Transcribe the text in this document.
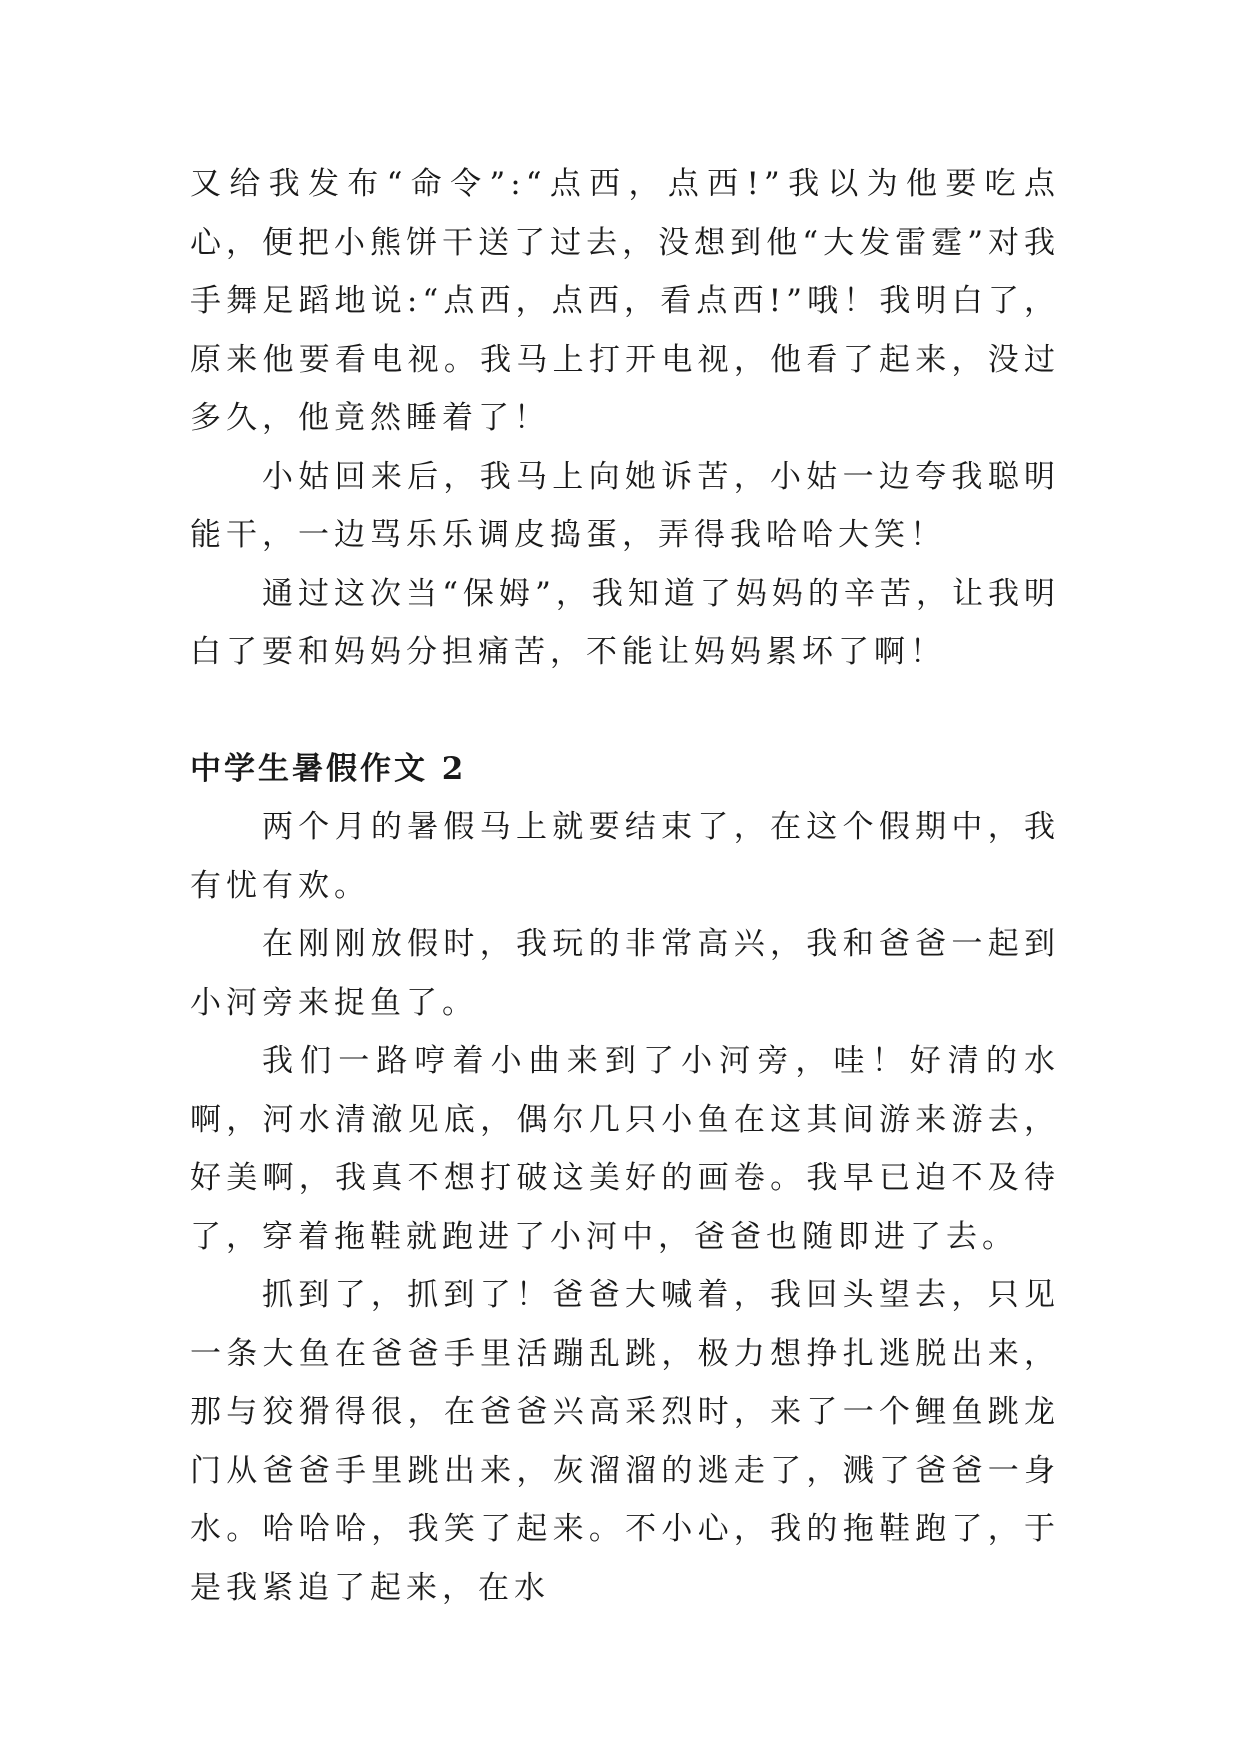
又给我发布“命令”:“点西，点西!”我以为他要吃点心，便把小熊饼干送了过去，没想到他“大发雷霆”对我手舞足蹈地说:“点西，点西，看点西!”哦！我明白了，原来他要看电视。我马上打开电视，他看了起来，没过多久，他竟然睡着了！

小姑回来后，我马上向她诉苦，小姑一边夸我聪明能干，一边骂乐乐调皮捣蛋，弄得我哈哈大笑！

通过这次当“保姆”，我知道了妈妈的辛苦，让我明白了要和妈妈分担痛苦，不能让妈妈累坏了啊！

中学生暑假作文 2

两个月的暑假马上就要结束了，在这个假期中，我有忧有欢。

在刚刚放假时，我玩的非常高兴，我和爸爸一起到小河旁来捉鱼了。

我们一路哼着小曲来到了小河旁，哇！好清的水啊，河水清澈见底，偶尔几只小鱼在这其间游来游去，好美啊，我真不想打破这美好的画卷。我早已迫不及待了，穿着拖鞋就跑进了小河中，爸爸也随即进了去。

抓到了，抓到了！爸爸大喊着，我回头望去，只见一条大鱼在爸爸手里活蹦乱跳，极力想挣扎逃脱出来，那与狡猾得很，在爸爸兴高采烈时，来了一个鲤鱼跳龙门从爸爸手里跳出来，灰溜溜的逃走了，溅了爸爸一身水。哈哈哈，我笑了起来。不小心，我的拖鞋跑了，于是我紧追了起来，在水
